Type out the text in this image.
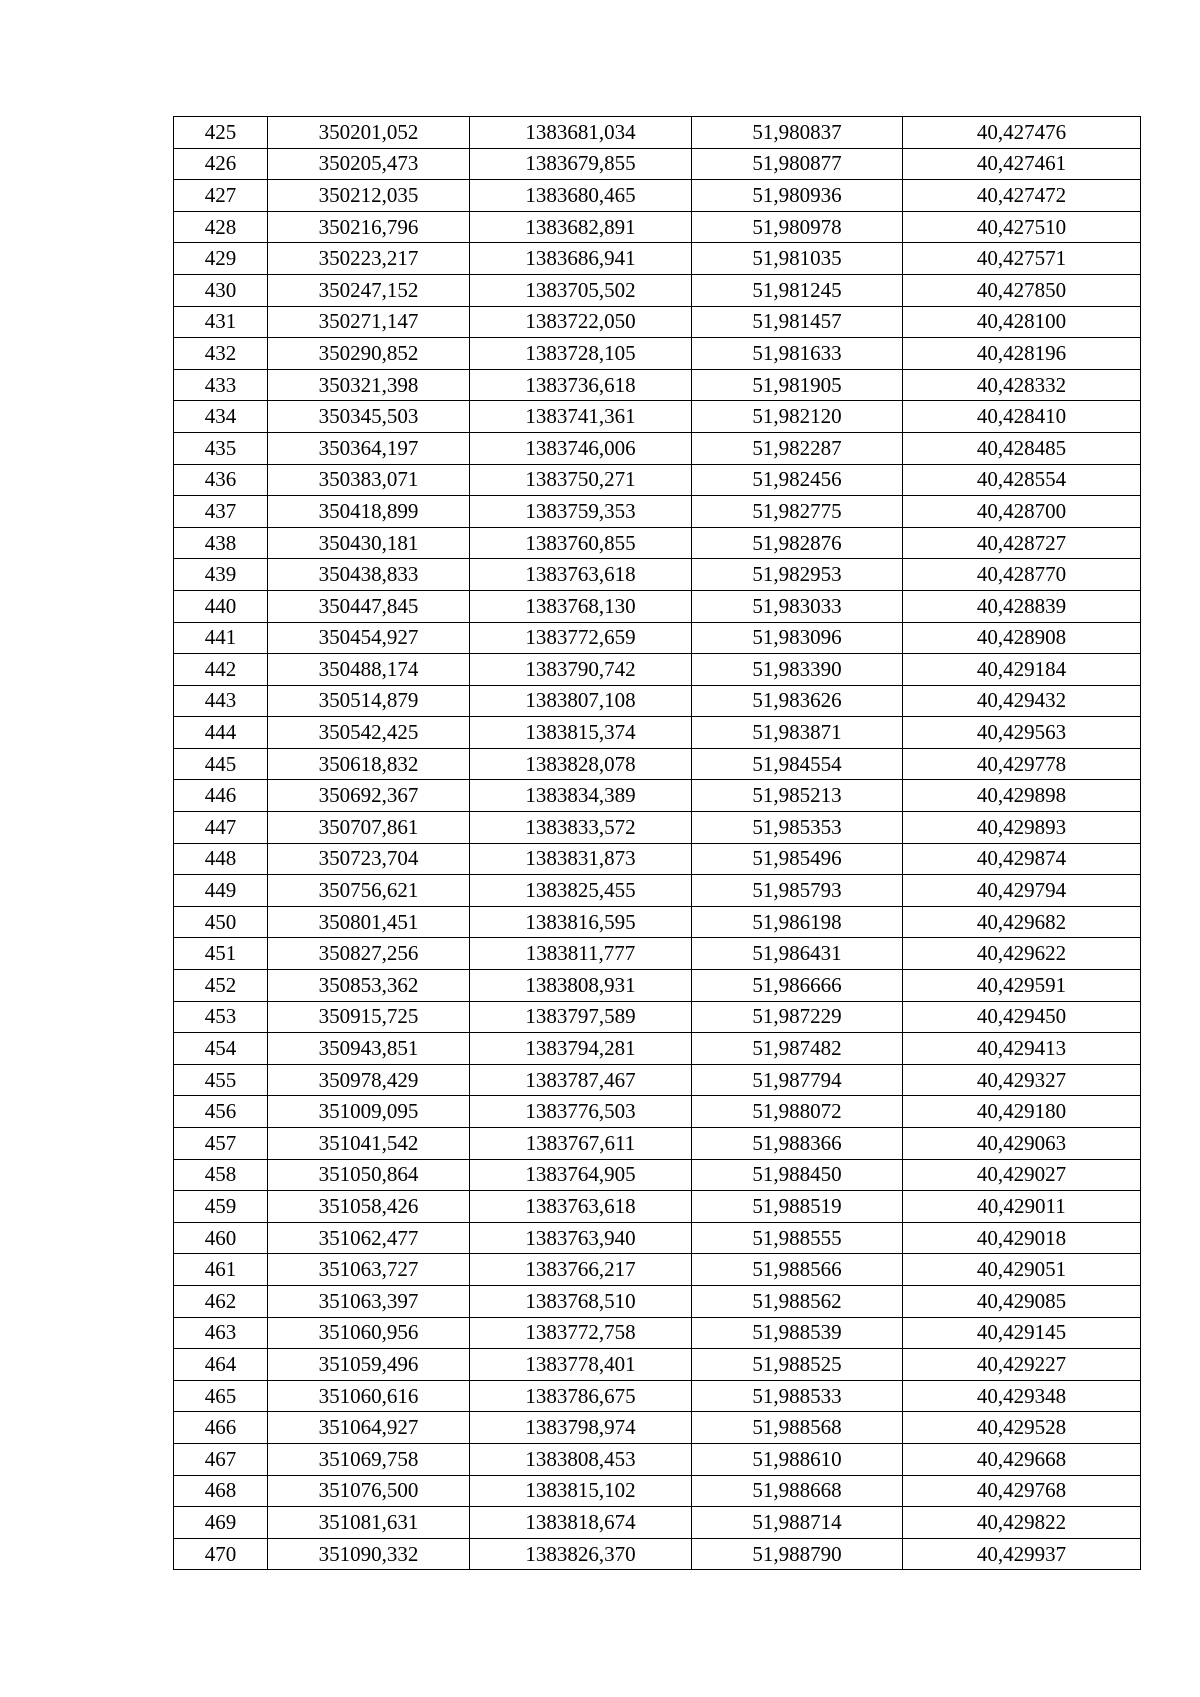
425	350201,052	1383681,034	51,980837	40,427476
426	350205,473	1383679,855	51,980877	40,427461
427	350212,035	1383680,465	51,980936	40,427472
428	350216,796	1383682,891	51,980978	40,427510
429	350223,217	1383686,941	51,981035	40,427571
430	350247,152	1383705,502	51,981245	40,427850
431	350271,147	1383722,050	51,981457	40,428100
432	350290,852	1383728,105	51,981633	40,428196
433	350321,398	1383736,618	51,981905	40,428332
434	350345,503	1383741,361	51,982120	40,428410
435	350364,197	1383746,006	51,982287	40,428485
436	350383,071	1383750,271	51,982456	40,428554
437	350418,899	1383759,353	51,982775	40,428700
438	350430,181	1383760,855	51,982876	40,428727
439	350438,833	1383763,618	51,982953	40,428770
440	350447,845	1383768,130	51,983033	40,428839
441	350454,927	1383772,659	51,983096	40,428908
442	350488,174	1383790,742	51,983390	40,429184
443	350514,879	1383807,108	51,983626	40,429432
444	350542,425	1383815,374	51,983871	40,429563
445	350618,832	1383828,078	51,984554	40,429778
446	350692,367	1383834,389	51,985213	40,429898
447	350707,861	1383833,572	51,985353	40,429893
448	350723,704	1383831,873	51,985496	40,429874
449	350756,621	1383825,455	51,985793	40,429794
450	350801,451	1383816,595	51,986198	40,429682
451	350827,256	1383811,777	51,986431	40,429622
452	350853,362	1383808,931	51,986666	40,429591
453	350915,725	1383797,589	51,987229	40,429450
454	350943,851	1383794,281	51,987482	40,429413
455	350978,429	1383787,467	51,987794	40,429327
456	351009,095	1383776,503	51,988072	40,429180
457	351041,542	1383767,611	51,988366	40,429063
458	351050,864	1383764,905	51,988450	40,429027
459	351058,426	1383763,618	51,988519	40,429011
460	351062,477	1383763,940	51,988555	40,429018
461	351063,727	1383766,217	51,988566	40,429051
462	351063,397	1383768,510	51,988562	40,429085
463	351060,956	1383772,758	51,988539	40,429145
464	351059,496	1383778,401	51,988525	40,429227
465	351060,616	1383786,675	51,988533	40,429348
466	351064,927	1383798,974	51,988568	40,429528
467	351069,758	1383808,453	51,988610	40,429668
468	351076,500	1383815,102	51,988668	40,429768
469	351081,631	1383818,674	51,988714	40,429822
470	351090,332	1383826,370	51,988790	40,429937
